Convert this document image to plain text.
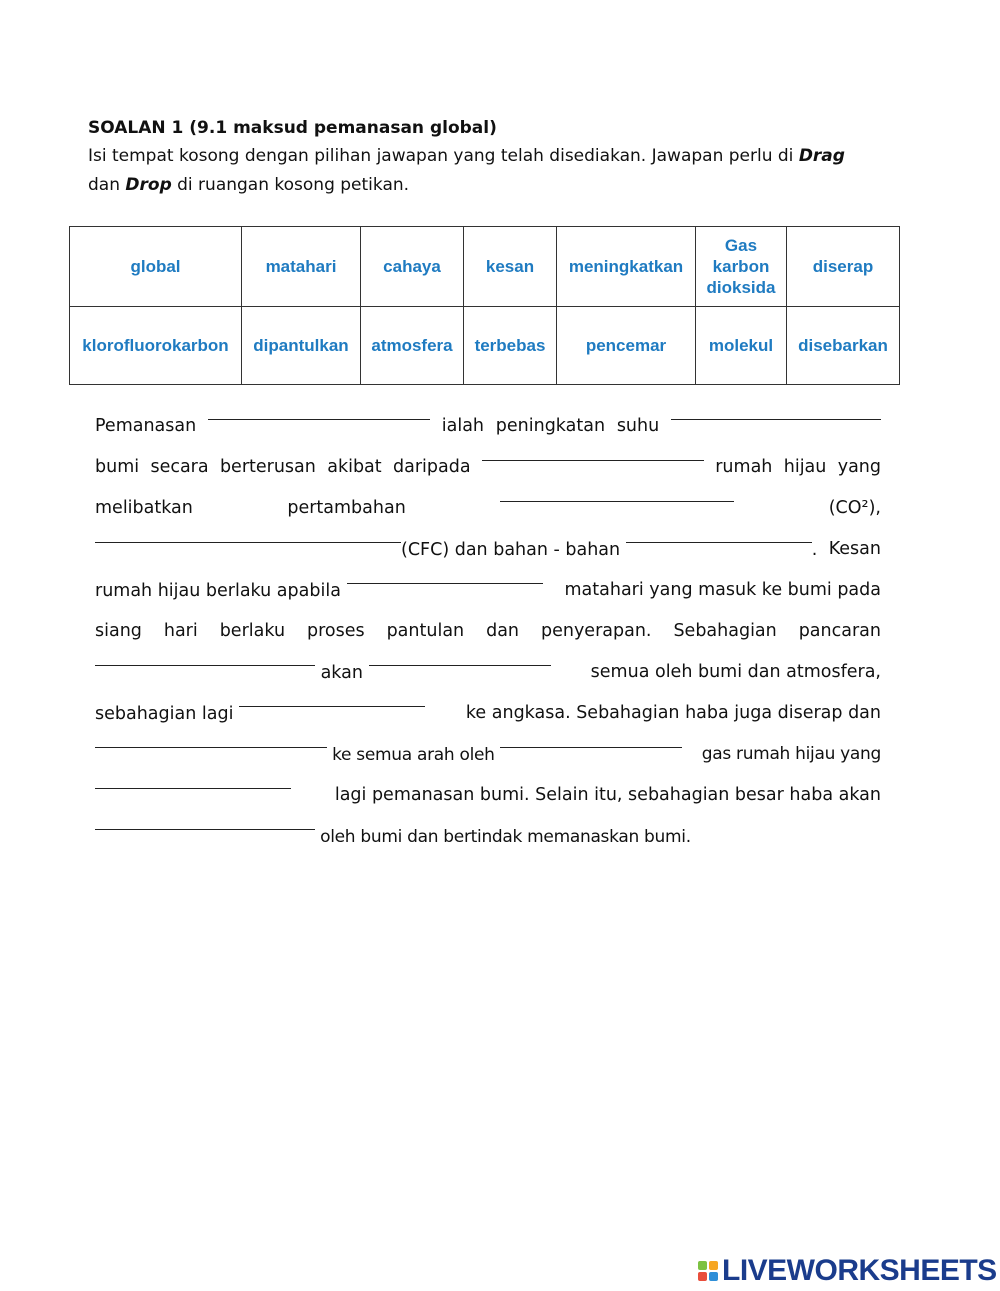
SOALAN 1 (9.1 maksud pemanasan global)
Isi tempat kosong dengan pilihan jawapan yang telah disediakan. Jawapan perlu di Drag
dan Drop di ruangan kosong petikan.
global	matahari	cahaya	kesan	meningkatkan	Gas karbon dioksida	diserap
klorofluorokarbon	dipantulkan	atmosfera	terbebas	pencemar	molekul	disebarkan
Pemanasan	ialah peningkatan suhu
bumi secara berterusan akibat daripada	rumah hijau yang
melibatkan	pertambahan	(CO²),
(CFC) dan bahan - bahan	. Kesan
rumah hijau berlaku apabila	matahari yang masuk ke bumi pada
siang hari berlaku proses pantulan dan penyerapan. Sebahagian pancaran
akan	semua oleh bumi dan atmosfera,
sebahagian lagi	ke angkasa. Sebahagian haba juga diserap dan
ke semua arah oleh	gas rumah hijau yang
lagi pemanasan bumi. Selain itu, sebahagian besar haba akan
oleh bumi dan bertindak memanaskan bumi.
LIVEWORKSHEETS
